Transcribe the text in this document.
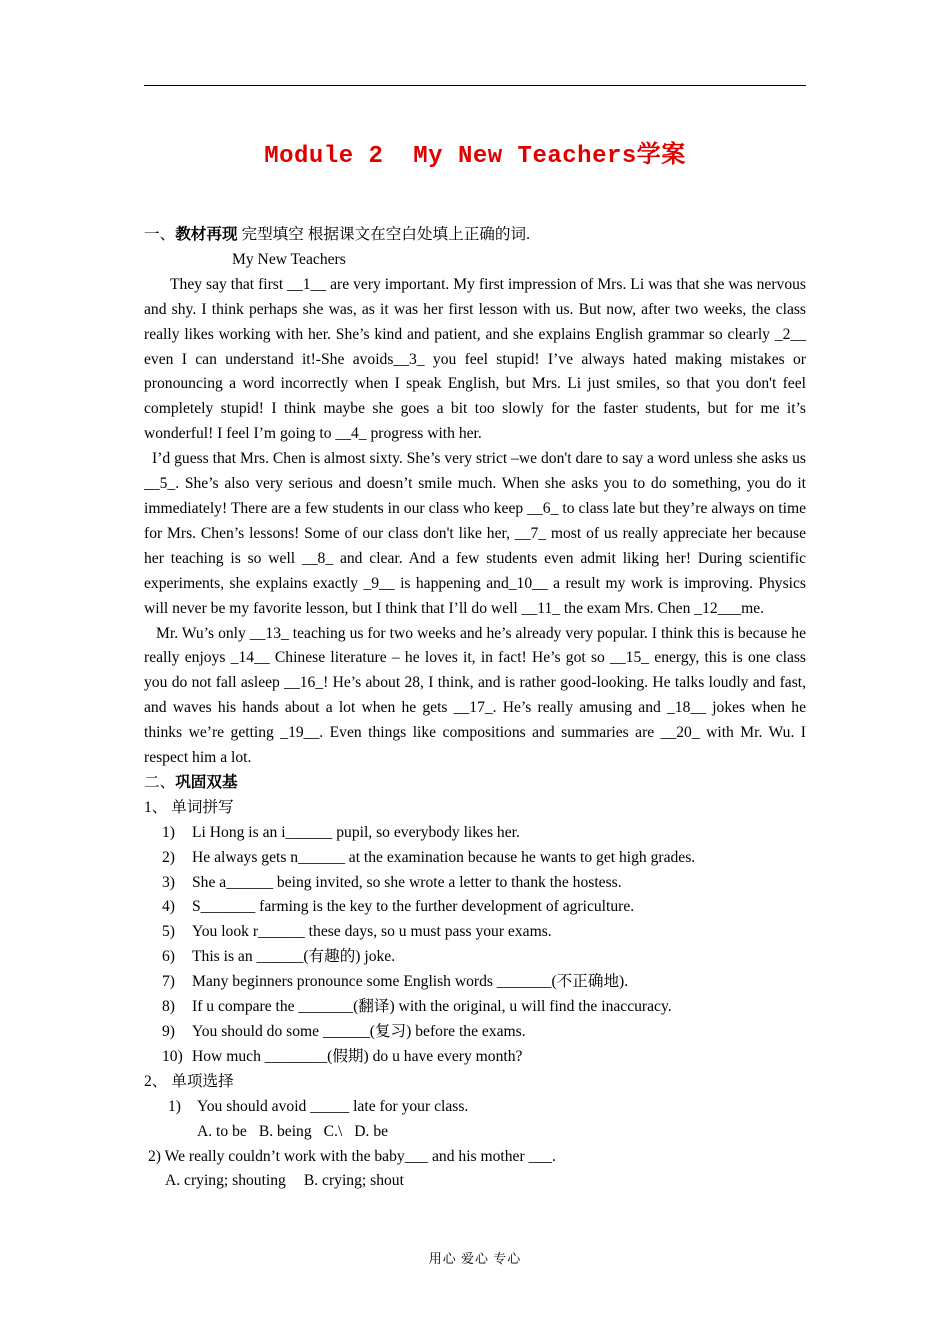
Module 2  My New Teachers学案

一、教材再现 完型填空 根据课文在空白处填上正确的词.

My New Teachers

They say that first __1__ are very important. My first impression of Mrs. Li was that she was nervous and shy. I think perhaps she was, as it was her first lesson with us. But now, after two weeks, the class really likes working with her. She’s kind and patient, and she explains English grammar so clearly _2__ even I can understand it!-She avoids__3_ you feel stupid! I’ve always hated making mistakes or pronouncing a word incorrectly when I speak English, but Mrs. Li just smiles, so that you don't feel completely stupid! I think maybe she goes a bit too slowly for the faster students, but for me it’s wonderful! I feel I’m going to __4_ progress with her.

I’d guess that Mrs. Chen is almost sixty. She’s very strict –we don't dare to say a word unless she asks us __5_. She’s also very serious and doesn’t smile much. When she asks you to do something, you do it immediately! There are a few students in our class who keep __6_ to class late but they’re always on time for Mrs. Chen’s lessons! Some of our class don't like her, __7_ most of us really appreciate her because her teaching is so well __8_ and clear. And a few students even admit liking her! During scientific experiments, she explains exactly _9__ is happening and_10__ a result my work is improving. Physics will never be my favorite lesson, but I think that I’ll do well __11_ the exam Mrs. Chen _12___me.

Mr. Wu’s only __13_ teaching us for two weeks and he’s already very popular. I think this is because he really enjoys _14__ Chinese literature – he loves it, in fact! He’s got so __15_ energy, this is one class you do not fall asleep __16_! He’s about 28, I think, and is rather good-looking. He talks loudly and fast, and waves his hands about a lot when he gets __17_. He’s really amusing and _18__ jokes when he thinks we’re getting _19__. Even things like compositions and summaries are __20_ with Mr. Wu. I respect him a lot.

二、巩固双基

1、 单词拼写

1)	Li Hong is an i______ pupil, so everybody likes her.
2)	He always gets n______ at the examination because he wants to get high grades.
3)	She a______ being invited, so she wrote a letter to thank the hostess.
4)	S_______ farming is the key to the further development of agriculture.
5)	You look r______ these days, so u must pass your exams.
6)	This is an ______(有趣的) joke.
7)	Many beginners pronounce some English words _______(不正确地).
8)	If u compare the _______(翻译) with the original, u will find the inaccuracy.
9)	You should do some ______(复习) before the exams.
10) How much ________(假期) do u have every month?

2、 单项选择

1) You should avoid _____ late for your class.

A. to be B. being C.\ D. be

2) We really couldn’t work with the baby___ and his mother ___.

A. crying; shouting B. crying; shout

用心 爱心 专心
